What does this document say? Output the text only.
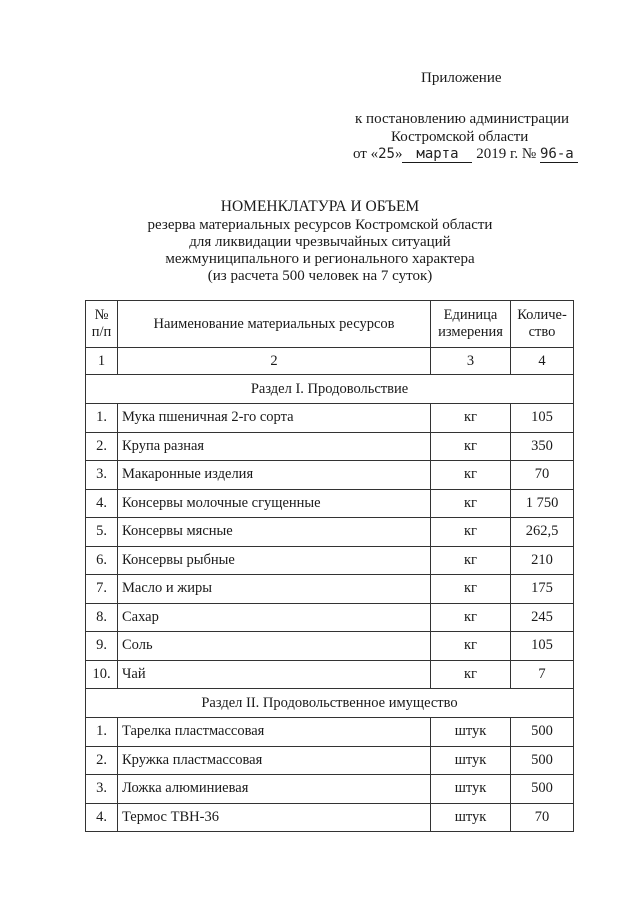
Приложение
к постановлению администрации
Костромской области
от «25» марта 2019 г. № 96-а
НОМЕНКЛАТУРА И ОБЪЕМ
резерва материальных ресурсов Костромской области
для ликвидации чрезвычайных ситуаций
межмуниципального и регионального характера
(из расчета 500 человек на 7 суток)
№ п/п	Наименование материальных ресурсов	Единица измерения	Количе-ство
1	2	3	4
Раздел I. Продовольствие			
1.	Мука пшеничная 2-го сорта	кг	105
2.	Крупа разная	кг	350
3.	Макаронные изделия	кг	70
4.	Консервы молочные сгущенные	кг	1 750
5.	Консервы мясные	кг	262,5
6.	Консервы рыбные	кг	210
7.	Масло и жиры	кг	175
8.	Сахар	кг	245
9.	Соль	кг	105
10.	Чай	кг	7
Раздел II. Продовольственное имущество			
1.	Тарелка пластмассовая	штук	500
2.	Кружка пластмассовая	штук	500
3.	Ложка алюминиевая	штук	500
4.	Термос ТВН-36	штук	70
